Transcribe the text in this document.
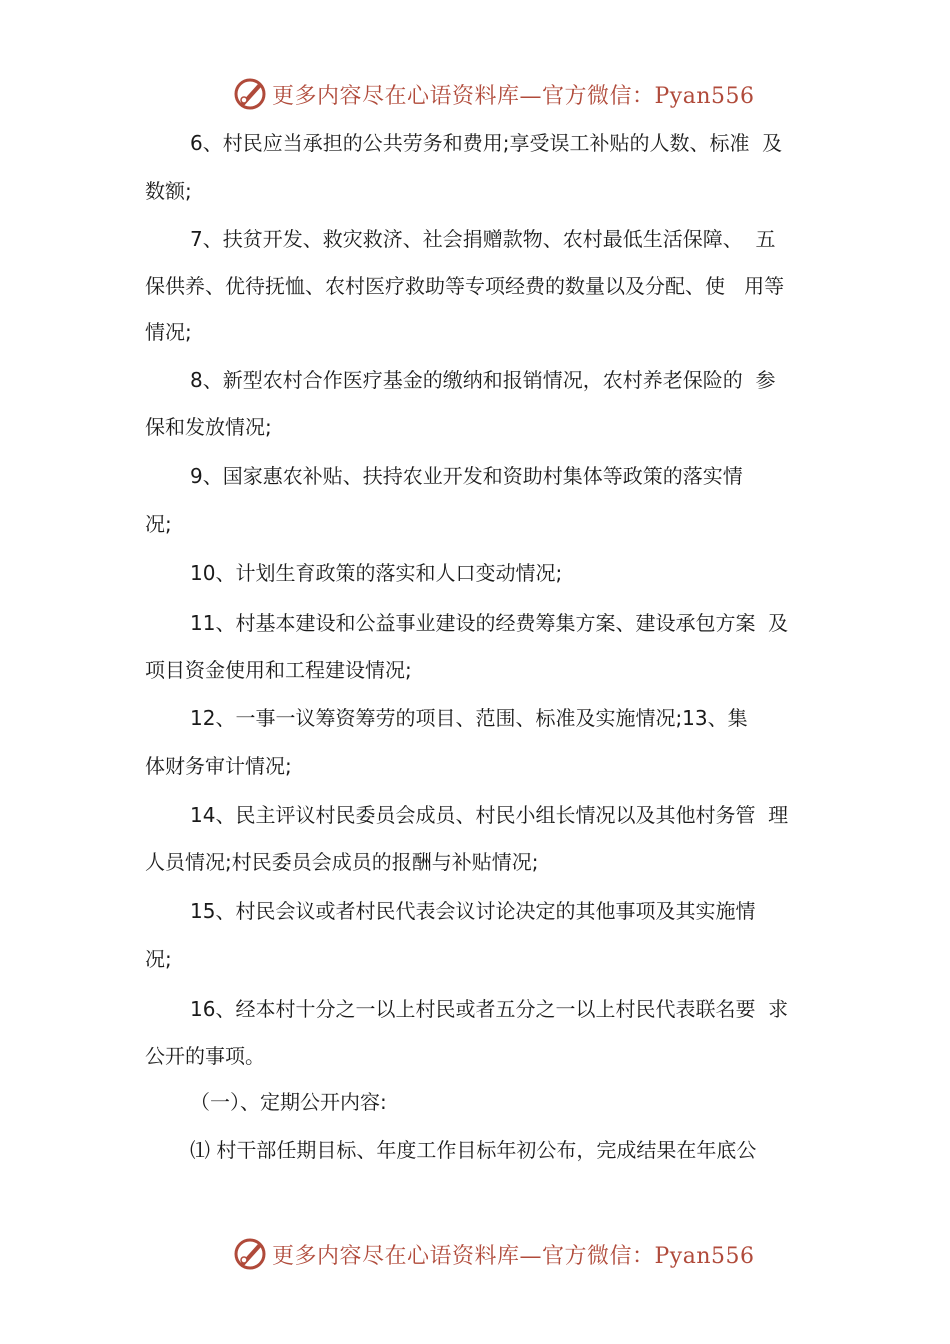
更多内容尽在心语资料库—官方微信：Pyan556
6、村民应当承担的公共劳务和费用;享受误工补贴的人数、标准  及
数额;
7、扶贫开发、救灾救济、社会捐赠款物、农村最低生活保障、  五
保供养、优待抚恤、农村医疗救助等专项经费的数量以及分配、使   用等
情况;
8、新型农村合作医疗基金的缴纳和报销情况，农村养老保险的  参
保和发放情况;
9、国家惠农补贴、扶持农业开发和资助村集体等政策的落实情
况;
10、计划生育政策的落实和人口变动情况;
11、村基本建设和公益事业建设的经费筹集方案、建设承包方案  及
项目资金使用和工程建设情况;
12、一事一议筹资筹劳的项目、范围、标准及实施情况;13、集
体财务审计情况;
14、民主评议村民委员会成员、村民小组长情况以及其他村务管  理
人员情况;村民委员会成员的报酬与补贴情况;
15、村民会议或者村民代表会议讨论决定的其他事项及其实施情
况;
16、经本村十分之一以上村民或者五分之一以上村民代表联名要  求
公开的事项。
（一）、定期公开内容:
⑴ 村干部任期目标、年度工作目标年初公布，完成结果在年底公
更多内容尽在心语资料库—官方微信：Pyan556
